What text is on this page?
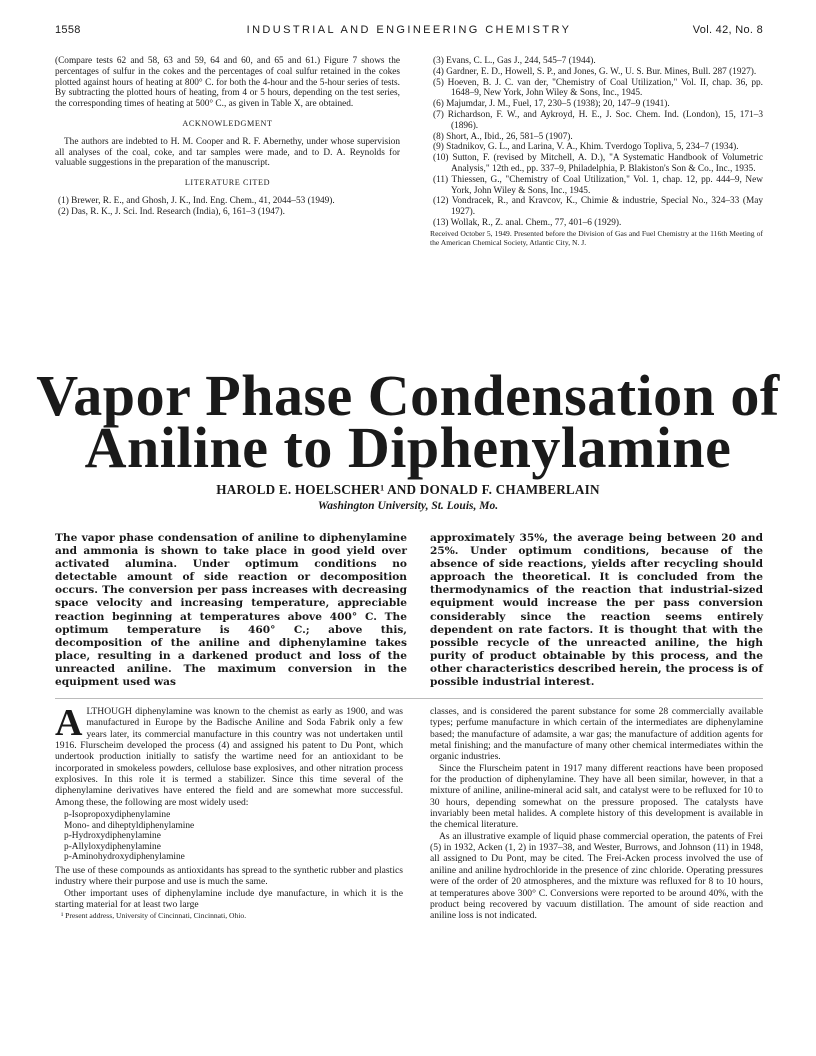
1558	INDUSTRIAL AND ENGINEERING CHEMISTRY	Vol. 42, No. 8

(Compare tests 62 and 58, 63 and 59, 64 and 60, and 65 and 61.) Figure 7 shows the percentages of sulfur in the cokes and the percentages of coal sulfur retained in the cokes plotted against hours of heating at 800° C. for both the 4-hour and the 5-hour series of tests. By subtracting the plotted hours of heating, from 4 or 5 hours, depending on the test series, the corresponding times of heating at 500° C., as given in Table X, are obtained.

ACKNOWLEDGMENT

The authors are indebted to H. M. Cooper and R. F. Abernethy, under whose supervision all analyses of the coal, coke, and tar samples were made, and to D. A. Reynolds for valuable suggestions in the preparation of the manuscript.

LITERATURE CITED

(1) Brewer, R. E., and Ghosh, J. K., Ind. Eng. Chem., 41, 2044–53 (1949).

(2) Das, R. K., J. Sci. Ind. Research (India), 6, 161–3 (1947).

(3) Evans, C. L., Gas J., 244, 545–7 (1944).

(4) Gardner, E. D., Howell, S. P., and Jones, G. W., U. S. Bur. Mines, Bull. 287 (1927).

(5) Hoeven, B. J. C. van der, "Chemistry of Coal Utilization," Vol. II, chap. 36, pp. 1648–9, New York, John Wiley & Sons, Inc., 1945.

(6) Majumdar, J. M., Fuel, 17, 230–5 (1938); 20, 147–9 (1941).

(7) Richardson, F. W., and Aykroyd, H. E., J. Soc. Chem. Ind. (London), 15, 171–3 (1896).

(8) Short, A., Ibid., 26, 581–5 (1907).

(9) Stadnikov, G. L., and Larina, V. A., Khim. Tverdogo Topliva, 5, 234–7 (1934).

(10) Sutton, F. (revised by Mitchell, A. D.), "A Systematic Handbook of Volumetric Analysis," 12th ed., pp. 337–9, Philadelphia, P. Blakiston's Son & Co., Inc., 1935.

(11) Thiessen, G., "Chemistry of Coal Utilization," Vol. 1, chap. 12, pp. 444–9, New York, John Wiley & Sons, Inc., 1945.

(12) Vondracek, R., and Kravcov, K., Chimie & industrie, Special No., 324–33 (May 1927).

(13) Wollak, R., Z. anal. Chem., 77, 401–6 (1929).

Received October 5, 1949. Presented before the Division of Gas and Fuel Chemistry at the 116th Meeting of the American Chemical Society, Atlantic City, N. J.

Vapor Phase Condensation of
Aniline to Diphenylamine
HAROLD E. HOELSCHER¹ AND DONALD F. CHAMBERLAIN
Washington University, St. Louis, Mo.

The vapor phase condensation of aniline to diphenylamine and ammonia is shown to take place in good yield over activated alumina. Under optimum conditions no detectable amount of side reaction or decomposition occurs. The conversion per pass increases with decreasing space velocity and increasing temperature, appreciable reaction beginning at temperatures above 400° C. The optimum temperature is 460° C.; above this, decomposition of the aniline and diphenylamine takes place, resulting in a darkened product and loss of the unreacted aniline. The maximum conversion in the equipment used was

approximately 35%, the average being between 20 and 25%. Under optimum conditions, because of the absence of side reactions, yields after recycling should approach the theoretical. It is concluded from the thermodynamics of the reaction that industrial-sized equipment would increase the per pass conversion considerably since the reaction seems entirely dependent on rate factors. It is thought that with the possible recycle of the unreacted aniline, the high purity of product obtainable by this process, and the other characteristics described herein, the process is of possible industrial interest.

ALTHOUGH diphenylamine was known to the chemist as early as 1900, and was manufactured in Europe by the Badische Aniline and Soda Fabrik only a few years later, its commercial manufacture in this country was not undertaken until 1916. Flurscheim developed the process (4) and assigned his patent to Du Pont, which undertook production initially to satisfy the wartime need for an antioxidant to be incorporated in smokeless powders, cellulose base explosives, and other nitration process explosives. In this role it is termed a stabilizer. Since this time several of the diphenylamine derivatives have entered the field and are somewhat more successful. Among these, the following are most widely used:

p-Isopropoxydiphenylamine
Mono- and diheptyldiphenylamine
p-Hydroxydiphenylamine
p-Allyloxydiphenylamine
p-Aminohydroxydiphenylamine

The use of these compounds as antioxidants has spread to the synthetic rubber and plastics industry where their purpose and use is much the same.

Other important uses of diphenylamine include dye manufacture, in which it is the starting material for at least two large

¹ Present address, University of Cincinnati, Cincinnati, Ohio.

classes, and is considered the parent substance for some 28 commercially available types; perfume manufacture in which certain of the intermediates are diphenylamine based; the manufacture of adamsite, a war gas; the manufacture of addition agents for metal finishing; and the manufacture of many other chemical intermediates within the organic industries.

Since the Flurscheim patent in 1917 many different reactions have been proposed for the production of diphenylamine. They have all been similar, however, in that a mixture of aniline, aniline-mineral acid salt, and catalyst were to be refluxed for 10 to 30 hours, depending somewhat on the pressure proposed. The catalysts have invariably been metal halides. A complete history of this development is available in the chemical literature.

As an illustrative example of liquid phase commercial operation, the patents of Frei (5) in 1932, Acken (1, 2) in 1937–38, and Wester, Burrows, and Johnson (11) in 1948, all assigned to Du Pont, may be cited. The Frei-Acken process involved the use of aniline and aniline hydrochloride in the presence of zinc chloride. Operating pressures were of the order of 20 atmospheres, and the mixture was refluxed for 8 to 10 hours, at temperatures above 300° C. Conversions were reported to be around 40%, with the product being recovered by vacuum distillation. The amount of side reaction and aniline loss is not indicated.
